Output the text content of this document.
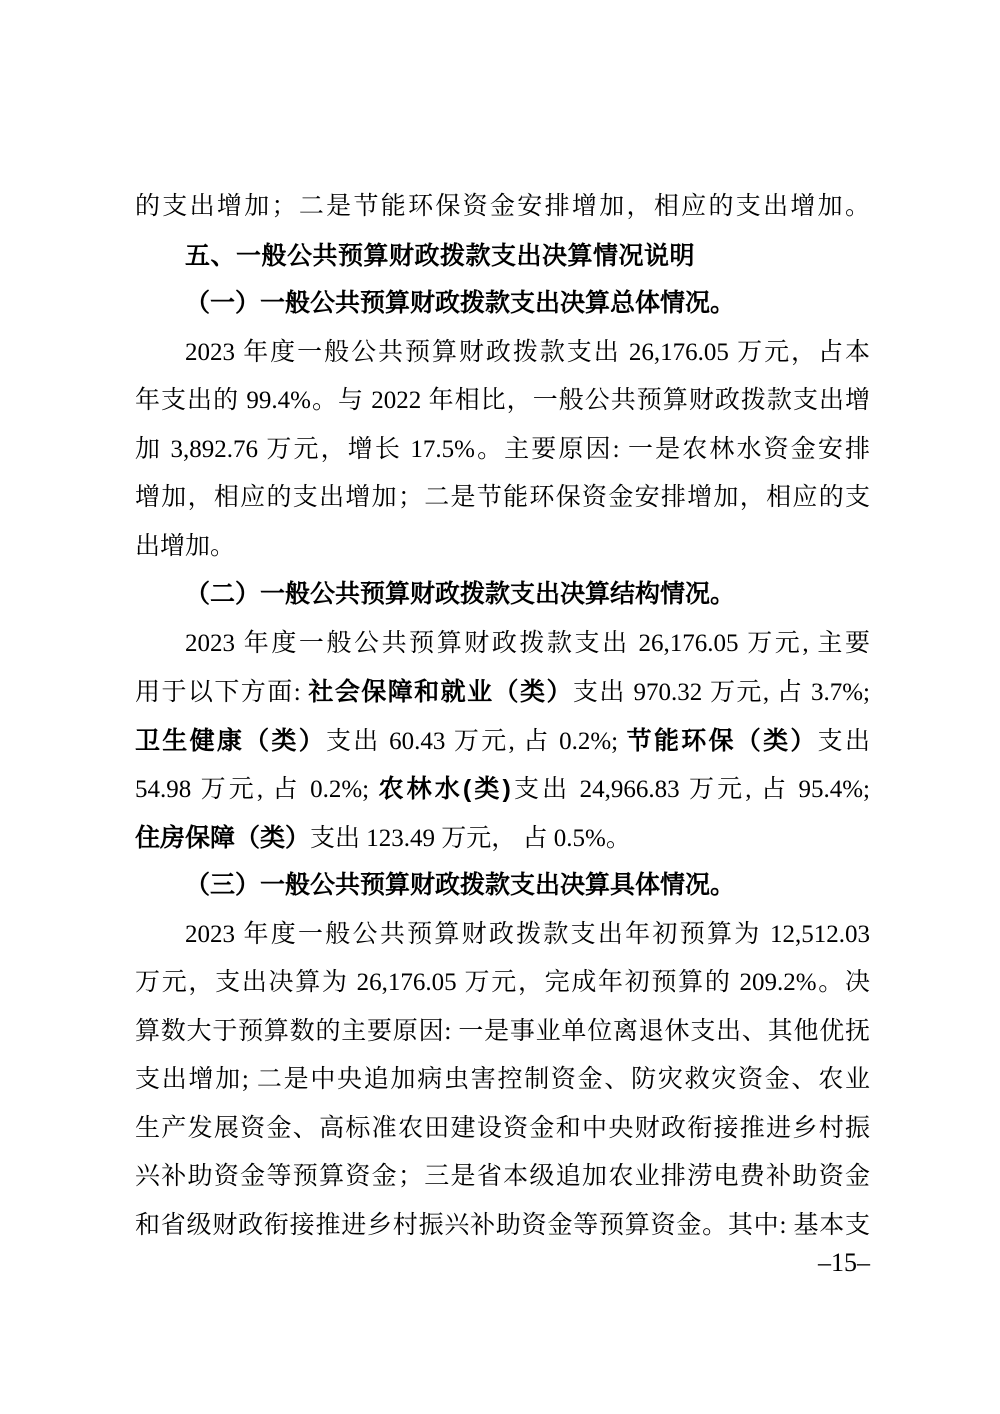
的支出增加；二是节能环保资金安排增加，相应的支出增加。
五、一般公共预算财政拨款支出决算情况说明
（一）一般公共预算财政拨款支出决算总体情况。
2023 年度一般公共预算财政拨款支出 26,176.05 万元，占本
年支出的 99.4%。与 2022 年相比，一般公共预算财政拨款支出增
加 3,892.76 万元，增长 17.5%。主要原因: 一是农林水资金安排
增加，相应的支出增加；二是节能环保资金安排增加，相应的支
出增加。
（二）一般公共预算财政拨款支出决算结构情况。
2023 年度一般公共预算财政拨款支出 26,176.05 万元, 主要
用于以下方面: 社会保障和就业（类）支出 970.32 万元, 占 3.7%;
卫生健康（类）支出 60.43 万元, 占 0.2%; 节能环保（类）支出
54.98 万元, 占 0.2%; 农林水(类)支出 24,966.83 万元, 占 95.4%;
住房保障（类）支出 123.49 万元， 占 0.5%。
（三）一般公共预算财政拨款支出决算具体情况。
2023 年度一般公共预算财政拨款支出年初预算为 12,512.03
万元，支出决算为 26,176.05 万元，完成年初预算的 209.2%。决
算数大于预算数的主要原因: 一是事业单位离退休支出、其他优抚
支出增加; 二是中央追加病虫害控制资金、防灾救灾资金、农业
生产发展资金、高标准农田建设资金和中央财政衔接推进乡村振
兴补助资金等预算资金；三是省本级追加农业排涝电费补助资金
和省级财政衔接推进乡村振兴补助资金等预算资金。其中: 基本支
–15–
